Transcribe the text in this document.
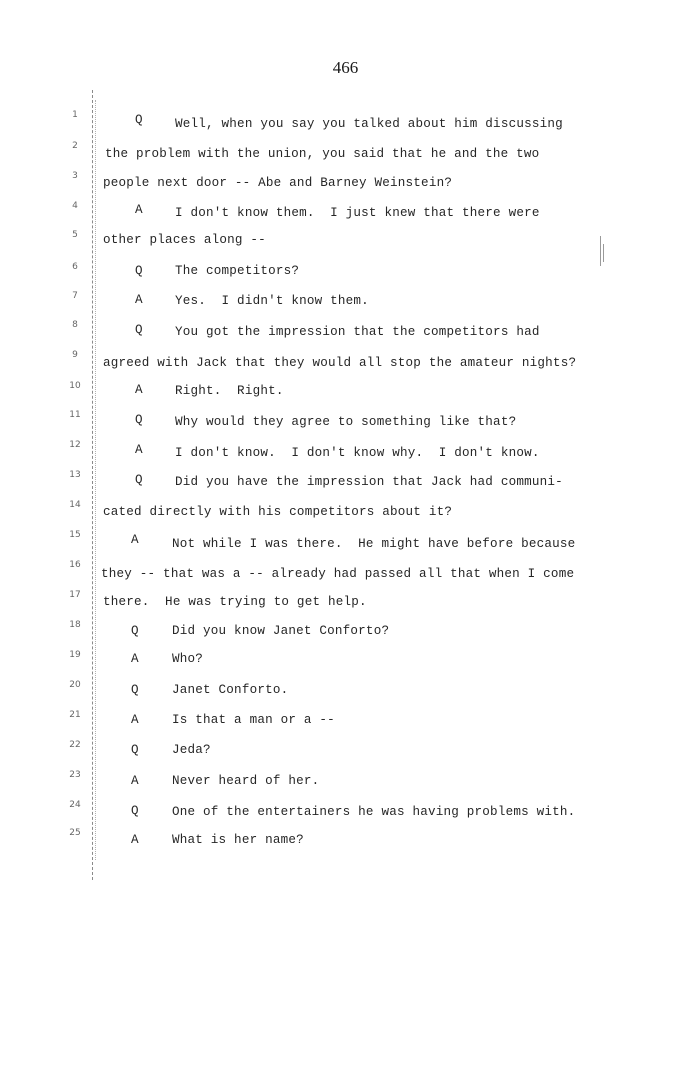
466
1	Q	Well, when you say you talked about him discussing
2
the problem with the union, you said that he and the two
3	people next door -- Abe and Barney Weinstein?
4	A	I don't know them.  I just knew that there were
5	other places along --
6	Q	The competitors?
7	A	Yes.  I didn't know them.
8	Q	You got the impression that the competitors had
9
agreed with Jack that they would all stop the amateur nights?
10	A	Right.  Right.
11	Q	Why would they agree to something like that?
12	A	I don't know.  I don't know why.  I don't know.
13	Q	Did you have the impression that Jack had communi-
14 cated directly with his competitors about it?
15	A	Not while I was there.  He might have before because
16
they -- that was a -- already had passed all that when I come
17 there.  He was trying to get help.
18	Q	Did you know Janet Conforto?
19	A	Who?
20	Q	Janet Conforto.
21	A	Is that a man or a --
22	Q	Jeda?
23	A	Never heard of her.
24	Q	One of the entertainers he was having problems with.
25	A	What is her name?
